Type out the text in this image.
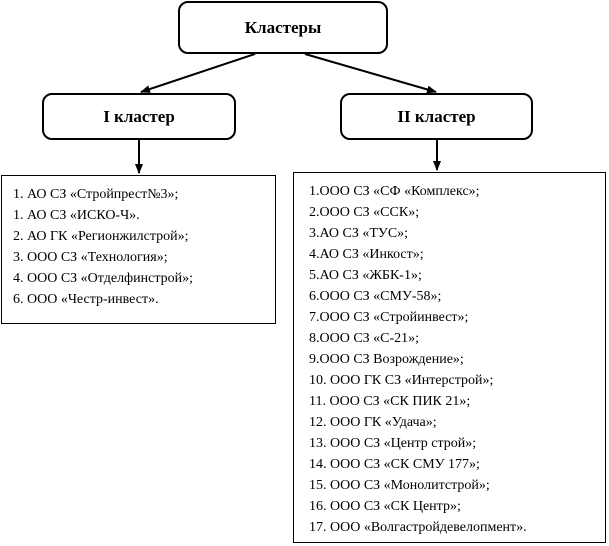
Кластеры
I кластер	II кластер
1. АО СЗ «Стройпрест№3»;
1. АО СЗ «ИСКО-Ч».
2. АО ГК «Регионжилстрой»;
3. ООО СЗ «Технология»;
4. ООО СЗ «Отделфинстрой»;
6. ООО «Честр-инвест».
1.ООО СЗ «СФ «Комплекс»;
2.ООО СЗ «ССК»;
3.АО СЗ «ТУС»;
4.АО СЗ «Инкост»;
5.АО СЗ «ЖБК-1»;
6.ООО СЗ «СМУ-58»;
7.ООО СЗ «Стройинвест»;
8.ООО СЗ «С-21»;
9.ООО СЗ Возрождение»;
10. ООО ГК СЗ «Интерстрой»;
11. ООО СЗ «СК ПИК 21»;
12. ООО ГК «Удача»;
13. ООО СЗ «Центр строй»;
14. ООО СЗ «СК СМУ 177»;
15. ООО СЗ «Монолитстрой»;
16. ООО СЗ «СК Центр»;
17. ООО «Волгастройдевелопмент».
